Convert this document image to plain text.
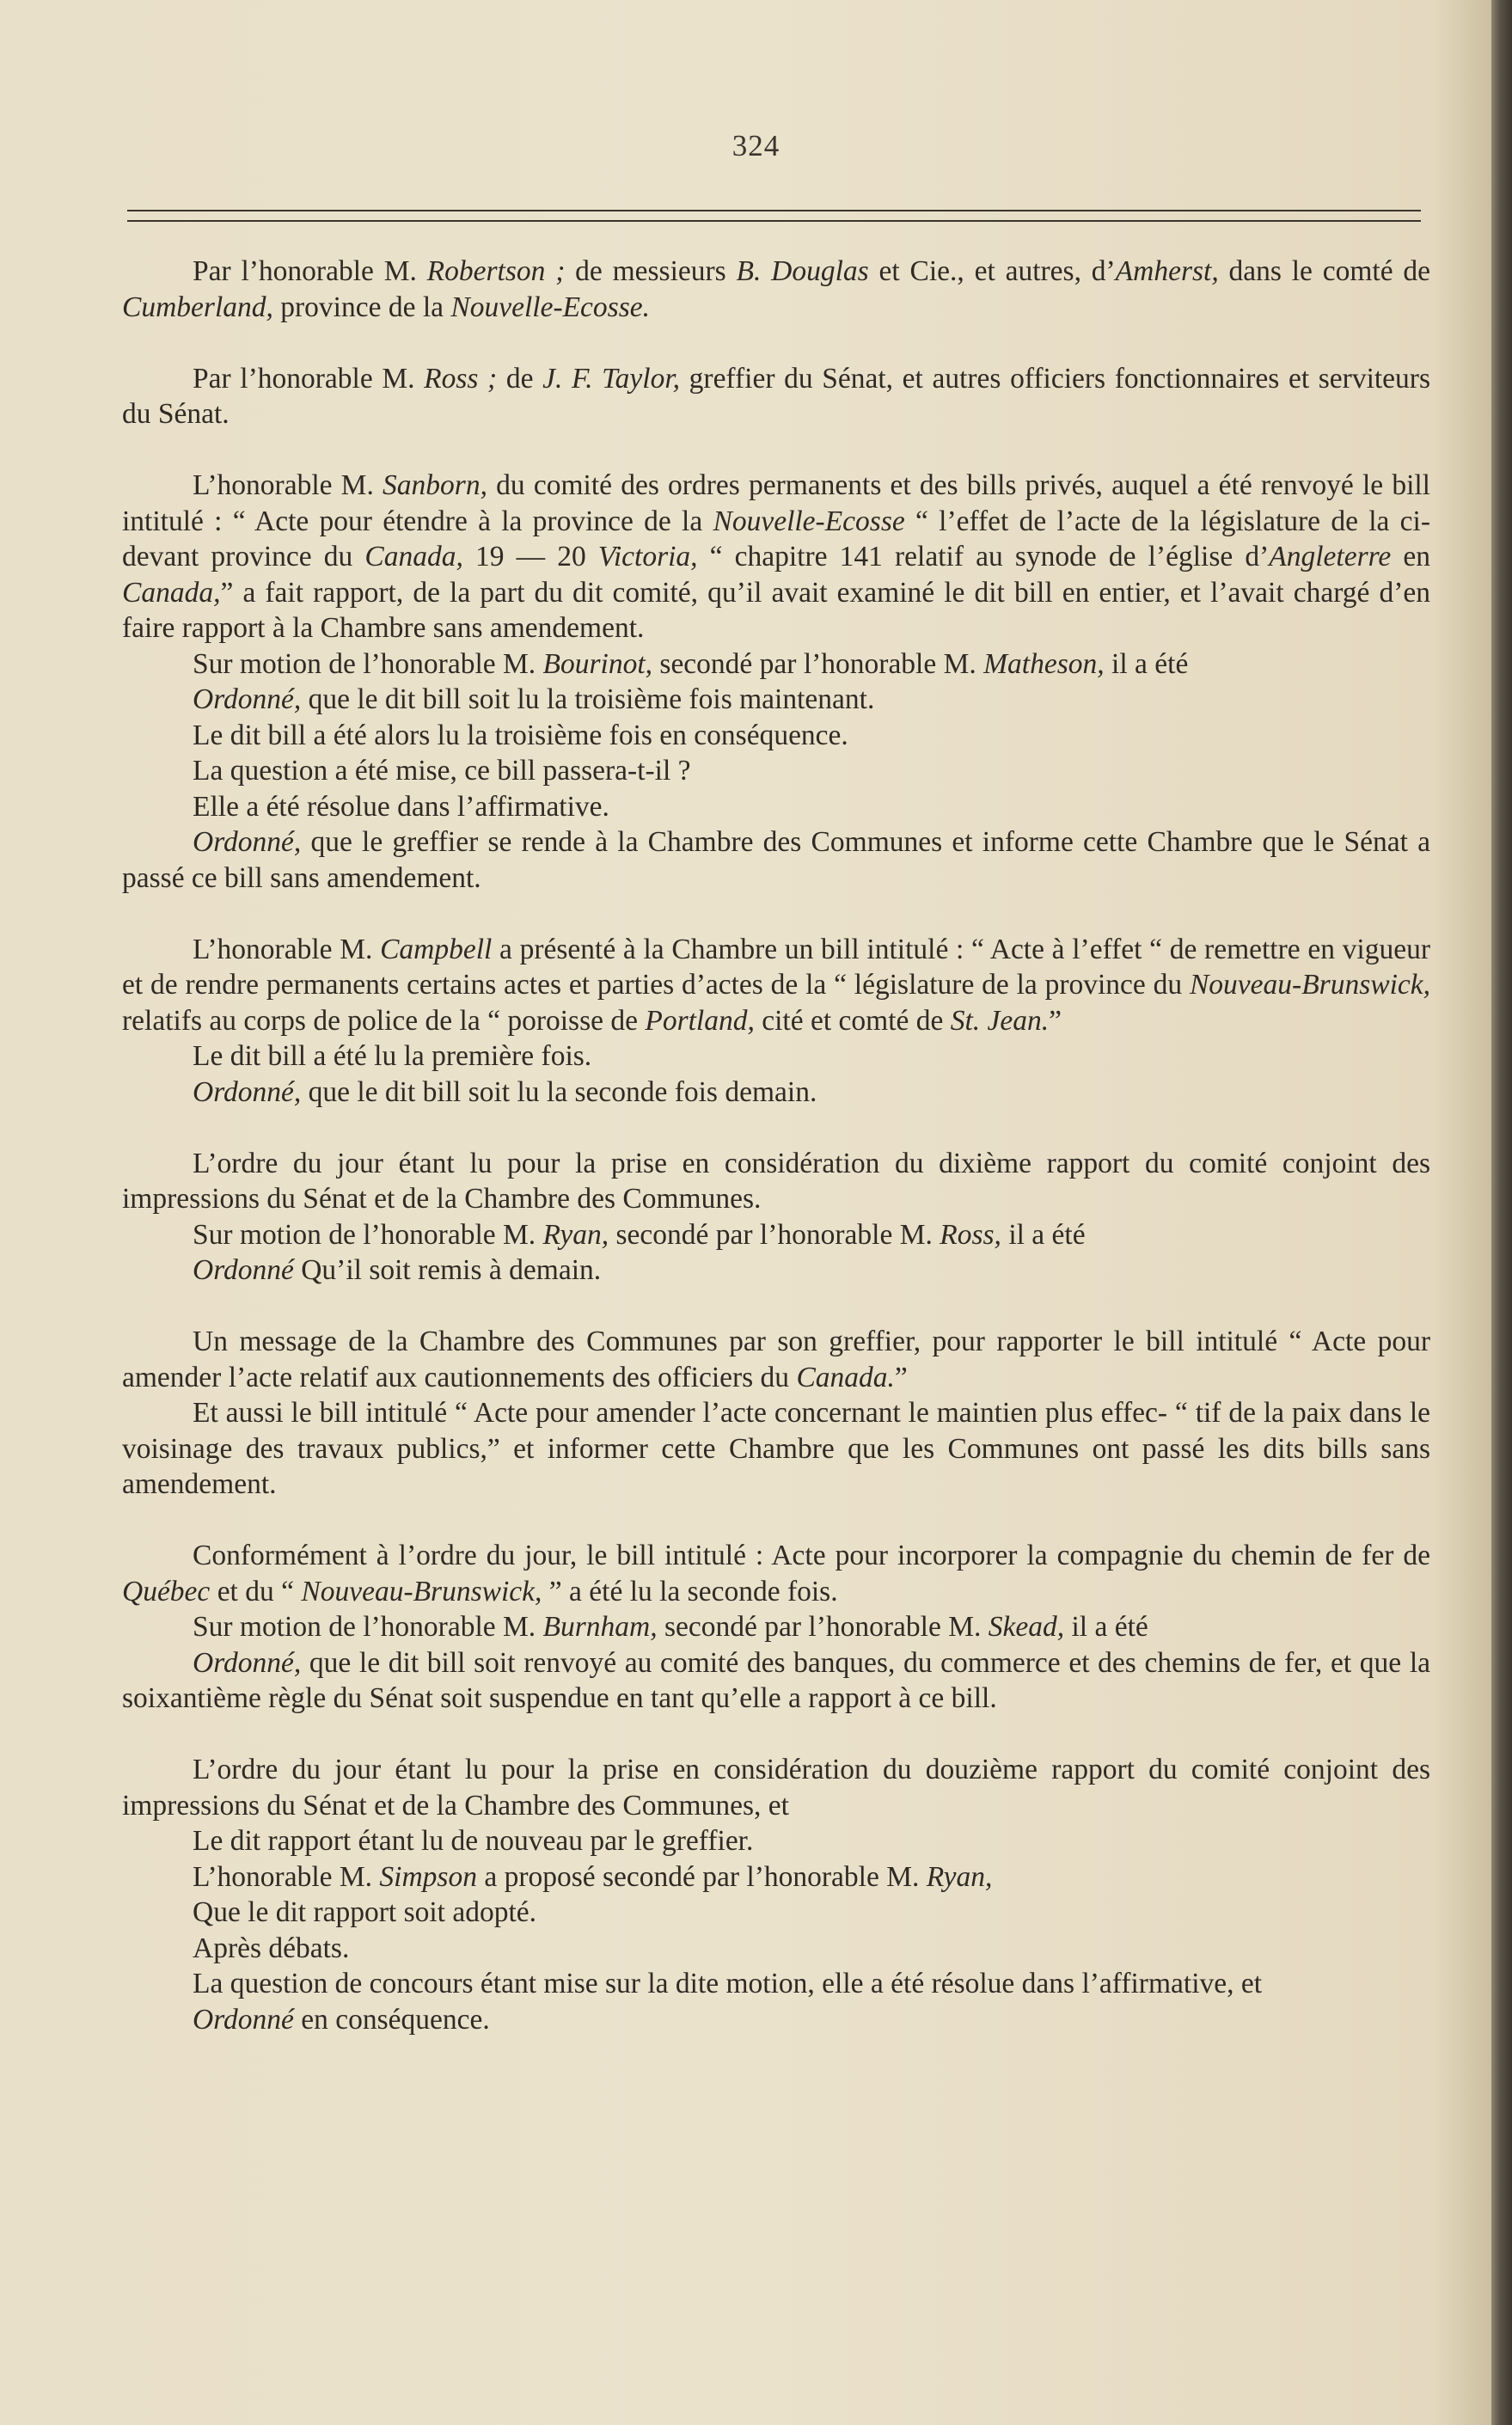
324

Par l’honorable M. Robertson ; de messieurs B. Douglas et Cie., et autres, d’Amherst, dans le comté de Cumberland, province de la Nouvelle-Ecosse.

Par l’honorable M. Ross ; de J. F. Taylor, greffier du Sénat, et autres officiers fonctionnaires et serviteurs du Sénat.

L’honorable M. Sanborn, du comité des ordres permanents et des bills privés, auquel a été renvoyé le bill intitulé : “ Acte pour étendre à la province de la Nouvelle-Ecosse “ l’effet de l’acte de la législature de la ci-devant province du Canada, 19 — 20 Victoria, “ chapitre 141 relatif au synode de l’église d’Angleterre en Canada,” a fait rapport, de la part du dit comité, qu’il avait examiné le dit bill en entier, et l’avait chargé d’en faire rapport à la Chambre sans amendement.

Sur motion de l’honorable M. Bourinot, secondé par l’honorable M. Matheson, il a été

Ordonné, que le dit bill soit lu la troisième fois maintenant.

Le dit bill a été alors lu la troisième fois en conséquence.

La question a été mise, ce bill passera-t-il ?

Elle a été résolue dans l’affirmative.

Ordonné, que le greffier se rende à la Chambre des Communes et informe cette Chambre que le Sénat a passé ce bill sans amendement.

L’honorable M. Campbell a présenté à la Chambre un bill intitulé : “ Acte à l’effet “ de remettre en vigueur et de rendre permanents certains actes et parties d’actes de la “ législature de la province du Nouveau-Brunswick, relatifs au corps de police de la “ poroisse de Portland, cité et comté de St. Jean.”

Le dit bill a été lu la première fois.

Ordonné, que le dit bill soit lu la seconde fois demain.

L’ordre du jour étant lu pour la prise en considération du dixième rapport du comité conjoint des impressions du Sénat et de la Chambre des Communes.

Sur motion de l’honorable M. Ryan, secondé par l’honorable M. Ross, il a été

Ordonné Qu’il soit remis à demain.

Un message de la Chambre des Communes par son greffier, pour rapporter le bill intitulé “ Acte pour amender l’acte relatif aux cautionnements des officiers du Canada.”

Et aussi le bill intitulé “ Acte pour amender l’acte concernant le maintien plus effec- “ tif de la paix dans le voisinage des travaux publics,” et informer cette Chambre que les Communes ont passé les dits bills sans amendement.

Conformément à l’ordre du jour, le bill intitulé : Acte pour incorporer la compagnie du chemin de fer de Québec et du “ Nouveau-Brunswick, ” a été lu la seconde fois.

Sur motion de l’honorable M. Burnham, secondé par l’honorable M. Skead, il a été

Ordonné, que le dit bill soit renvoyé au comité des banques, du commerce et des chemins de fer, et que la soixantième règle du Sénat soit suspendue en tant qu’elle a rapport à ce bill.

L’ordre du jour étant lu pour la prise en considération du douzième rapport du comité conjoint des impressions du Sénat et de la Chambre des Communes, et

Le dit rapport étant lu de nouveau par le greffier.

L’honorable M. Simpson a proposé secondé par l’honorable M. Ryan,

Que le dit rapport soit adopté.

Après débats.

La question de concours étant mise sur la dite motion, elle a été résolue dans l’affirmative, et

Ordonné en conséquence.
